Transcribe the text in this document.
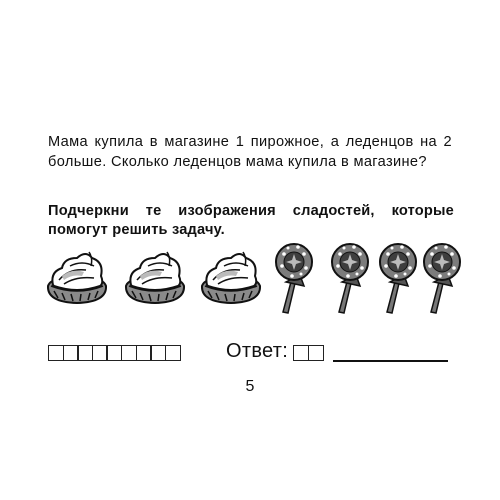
Мама купила в магазине 1 пирожное, а леденцов на 2 больше. Сколько леденцов мама купила в магазине?

Подчеркни те изображения сладостей, которые помогут решить задачу.

Ответ:
5
